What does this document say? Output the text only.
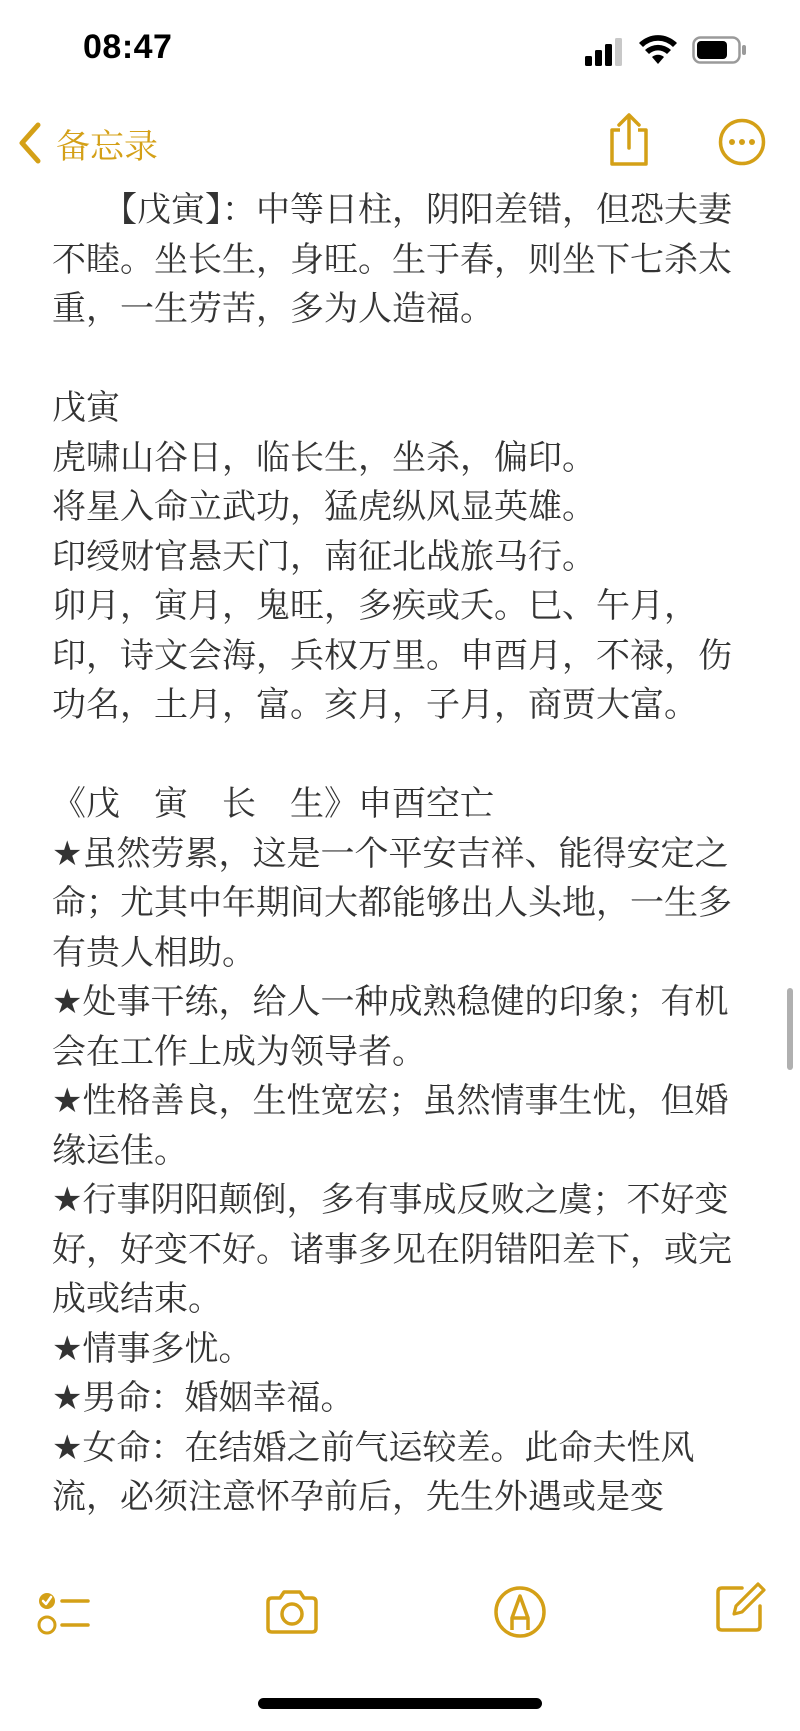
08:47
备忘录

　　【戊寅】：中等日柱，阴阳差错，但恐夫妻不睦。坐长生，身旺。生于春，则坐下七杀太重，一生劳苦，多为人造福。

戊寅

虎啸山谷日，临长生，坐杀，偏印。

将星入命立武功，猛虎纵风显英雄。

印绶财官悬天门，南征北战旅马行。

卯月，寅月，鬼旺，多疾或夭。巳、午月，印，诗文会海，兵权万里。申酉月，不禄，伤功名，土月，富。亥月，子月，商贾大富。

《戊　寅　长　生》申酉空亡

★虽然劳累，这是一个平安吉祥、能得安定之命；尤其中年期间大都能够出人头地，一生多有贵人相助。

★处事干练，给人一种成熟稳健的印象；有机会在工作上成为领导者。

★性格善良，生性宽宏；虽然情事生忧，但婚缘运佳。

★行事阴阳颠倒，多有事成反败之虞；不好变好，好变不好。诸事多见在阴错阳差下，或完成或结束。

★情事多忧。

★男命：婚姻幸福。

★女命：在结婚之前气运较差。此命夫性风流，必须注意怀孕前后，先生外遇或是变
